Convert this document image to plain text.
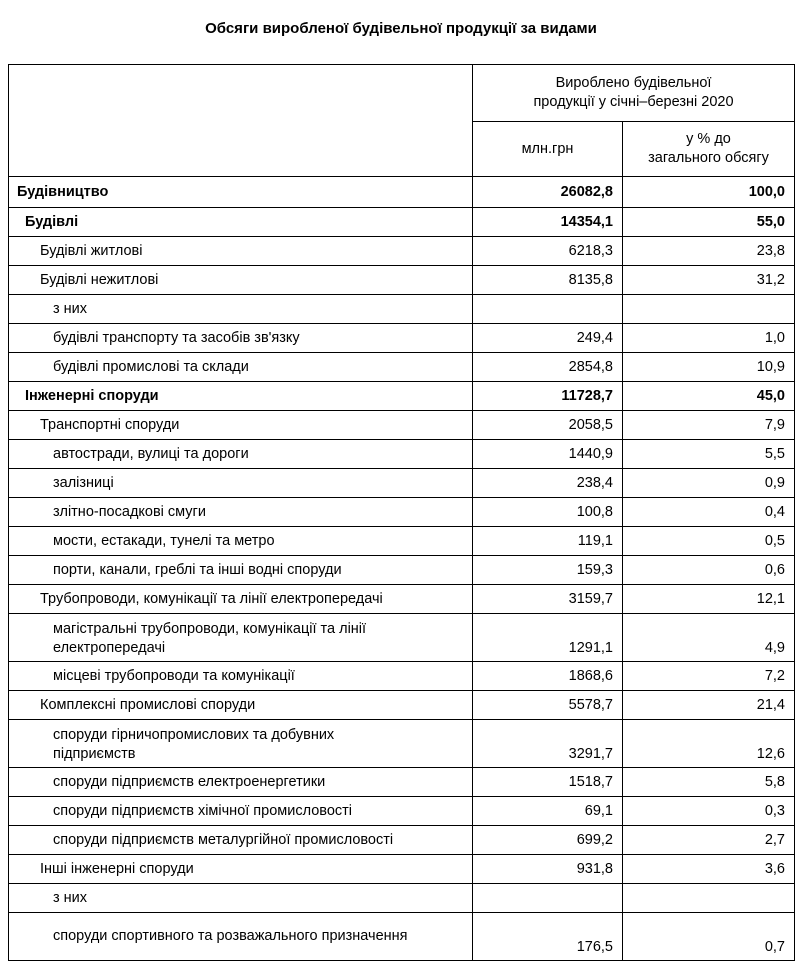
Обсяги виробленої будівельної продукції за видами
	Вироблено будівельної продукції у січні–березні 2020	
	млн.грн	у % до загального обсягу
Будівництво	26082,8	100,0
Будівлі	14354,1	55,0
Будівлі житлові	6218,3	23,8
Будівлі нежитлові	8135,8	31,2
з них		
будівлі транспорту та засобів зв'язку	249,4	1,0
будівлі промислові та склади	2854,8	10,9
Інженерні споруди	11728,7	45,0
Транспортні споруди	2058,5	7,9
автостради, вулиці та дороги	1440,9	5,5
залізниці	238,4	0,9
злітно-посадкові смуги	100,8	0,4
мости, естакади, тунелі та метро	119,1	0,5
порти, канали, греблі та інші водні споруди	159,3	0,6
Трубопроводи, комунікації та лінії електропередачі	3159,7	12,1
магістральні трубопроводи, комунікації та лінії електропередачі	1291,1	4,9
місцеві трубопроводи та комунікації	1868,6	7,2
Комплексні промислові споруди	5578,7	21,4
споруди гірничопромислових та добувних підприємств	3291,7	12,6
споруди підприємств електроенергетики	1518,7	5,8
споруди підприємств хімічної промисловості	69,1	0,3
споруди підприємств металургійної промисловості	699,2	2,7
Інші інженерні споруди	931,8	3,6
з них		
споруди спортивного та розважального призначення	176,5	0,7
